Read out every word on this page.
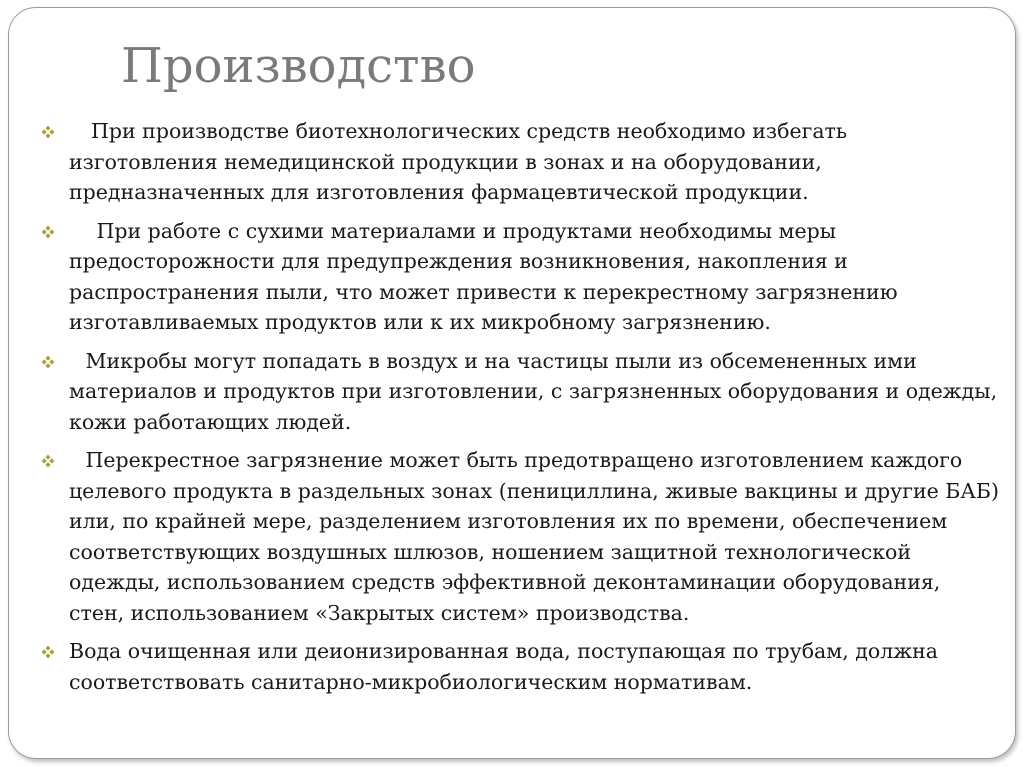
Производство
При производстве биотехнологических средств необходимо избегать изготовления немедицинской продукции в зонах и на оборудовании, предназначенных для изготовления фармацевтической продукции.
При работе с сухими материалами и продуктами необходимы меры предосторожности для предупреждения возникновения, накопления и распространения пыли, что может привести к перекрестному загрязнению изготавливаемых продуктов или к их микробному загрязнению.
Микробы могут попадать в воздух и на частицы пыли из обсемененных ими материалов и продуктов при изготовлении, с загрязненных оборудования и одежды, кожи работающих людей.
Перекрестное загрязнение может быть предотвращено изготовлением каждого целевого продукта в раздельных зонах (пенициллина, живые вакцины и другие БАБ) или, по крайней мере, разделением изготовления их по времени, обеспечением соответствующих воздушных шлюзов, ношением защитной технологической одежды, использованием средств эффективной деконтаминации оборудования, стен, использованием «Закрытых систем» производства.
Вода очищенная или деионизированная вода, поступающая по трубам, должна соответствовать санитарно-микробиологическим нормативам.
